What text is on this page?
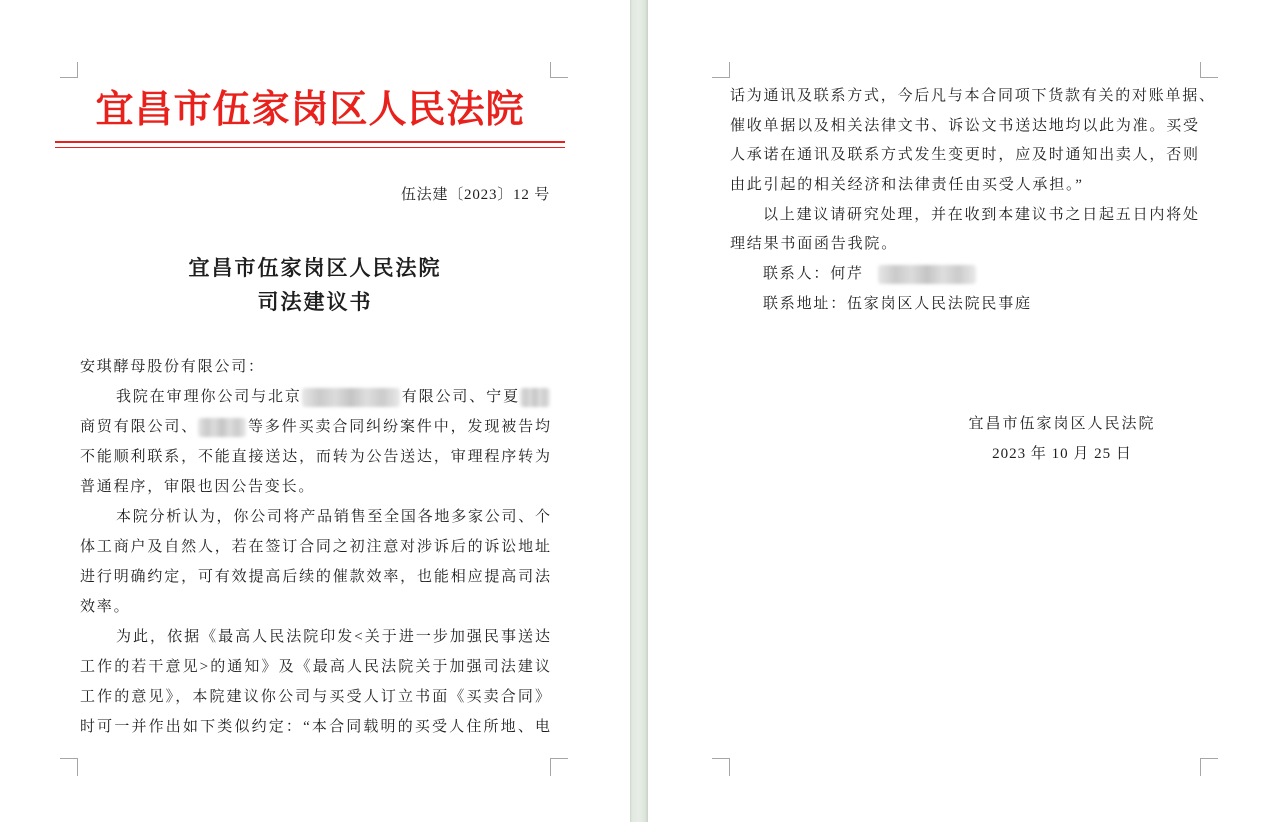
宜昌市伍家岗区人民法院
伍法建〔2023〕12 号
宜昌市伍家岗区人民法院
司法建议书
安琪酵母股份有限公司：
我院在审理你公司与北京	有限公司、宁夏
商贸有限公司、	等多件买卖合同纠纷案件中，发现被告均
不能顺利联系，不能直接送达，而转为公告送达，审理程序转为
普通程序，审限也因公告变长。
本院分析认为，你公司将产品销售至全国各地多家公司、个
体工商户及自然人，若在签订合同之初注意对涉诉后的诉讼地址
进行明确约定，可有效提高后续的催款效率，也能相应提高司法
效率。
为此，依据《最高人民法院印发<关于进一步加强民事送达
工作的若干意见>的通知》及《最高人民法院关于加强司法建议
工作的意见》，本院建议你公司与买受人订立书面《买卖合同》
时可一并作出如下类似约定：“本合同载明的买受人住所地、电
话为通讯及联系方式，今后凡与本合同项下货款有关的对账单据、
催收单据以及相关法律文书、诉讼文书送达地均以此为准。买受
人承诺在通讯及联系方式发生变更时，应及时通知出卖人，否则
由此引起的相关经济和法律责任由买受人承担。”
以上建议请研究处理，并在收到本建议书之日起五日内将处
理结果书面函告我院。
联系人：何芹
联系地址：伍家岗区人民法院民事庭
宜昌市伍家岗区人民法院
2023 年 10 月 25 日
